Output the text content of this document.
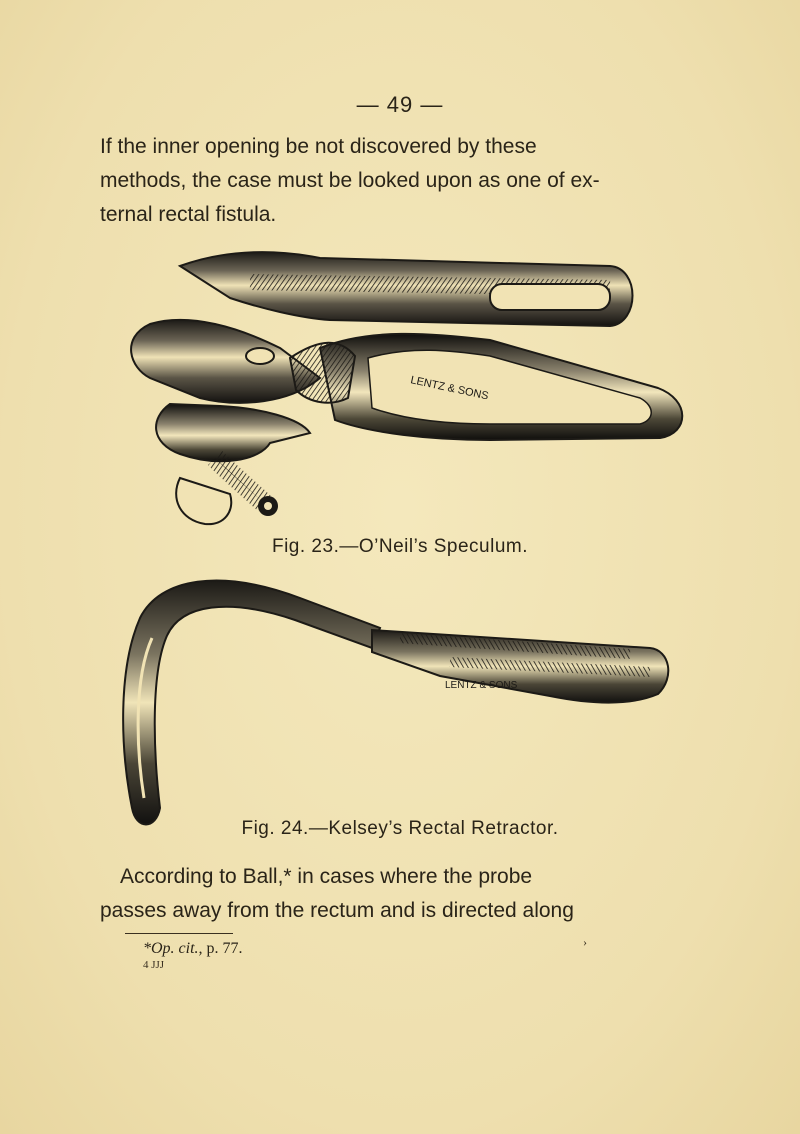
— 49 —
If the inner opening be not discovered by these
methods, the case must be looked upon as one of ex-
ternal rectal fistula.
LENTZ & SONS
Fig. 23.—O’Neil’s Speculum.
LENTZ & SONS
Fig. 24.—Kelsey’s Rectal Retractor.
According to Ball,* in cases where the probe
passes away from the rectum and is directed along
›
*Op. cit., p. 77.
4 JJJ
